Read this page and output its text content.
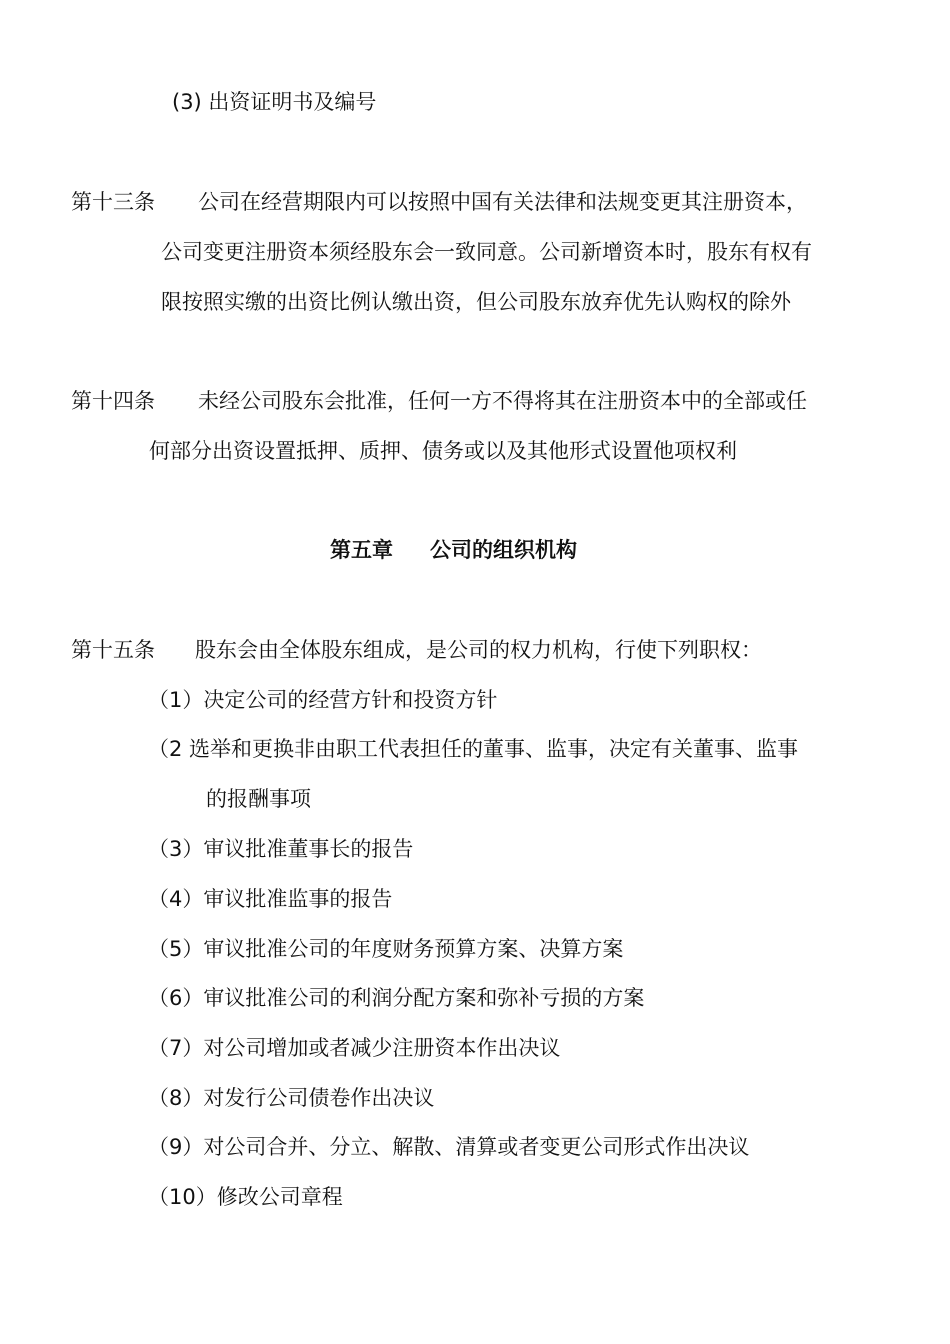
(3) 出资证明书及编号
第十三条 公司在经营期限内可以按照中国有关法律和法规变更其注册资本，
公司变更注册资本须经股东会一致同意。公司新增资本时，股东有权有
限按照实缴的出资比例认缴出资，但公司股东放弃优先认购权的除外
第十四条 未经公司股东会批准，任何一方不得将其在注册资本中的全部或任
何部分出资设置抵押、质押、债务或以及其他形式设置他项权利
第五章 公司的组织机构
第十五条 股东会由全体股东组成，是公司的权力机构，行使下列职权：
（1）决定公司的经营方针和投资方针
（2 选举和更换非由职工代表担任的董事、监事，决定有关董事、监事
的报酬事项
（3）审议批准董事长的报告
（4）审议批准监事的报告
（5）审议批准公司的年度财务预算方案、决算方案
（6）审议批准公司的利润分配方案和弥补亏损的方案
（7）对公司增加或者减少注册资本作出决议
（8）对发行公司债卷作出决议
（9）对公司合并、分立、解散、清算或者变更公司形式作出决议
（10）修改公司章程
